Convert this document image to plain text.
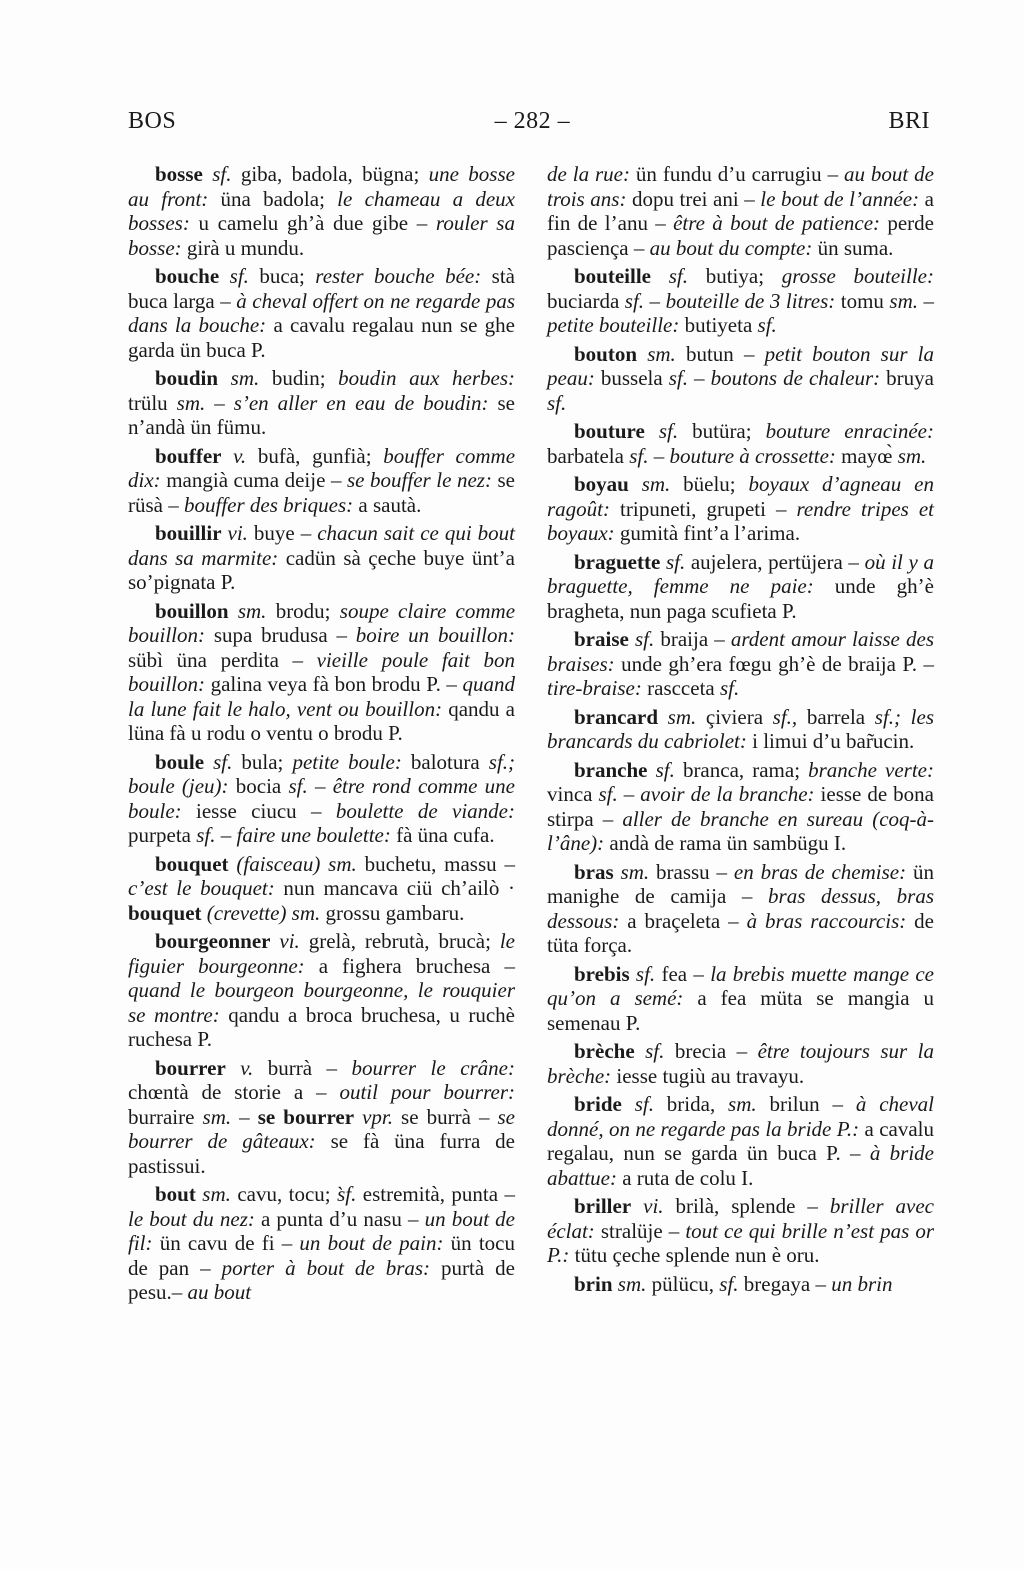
BOS	– 282 –	BRI

bosse sf. giba, badola, bügna; une bosse au front: üna badola; le chameau a deux bosses: u camelu gh’à due gibe – rouler sa bosse: girà u mundu.

bouche sf. buca; rester bouche bée: stà buca larga – à cheval offert on ne regarde pas dans la bouche: a cavalu regalau nun se ghe garda ün buca P.

boudin sm. budin; boudin aux herbes: trülu sm. – s’en aller en eau de boudin: se n’andà ün fümu.

bouffer v. bufà, gunfià; bouffer comme dix: mangià cuma deije – se bouffer le nez: se rüsà – bouffer des briques: a sautà.

bouillir vi. buye – chacun sait ce qui bout dans sa marmite: cadün sà çeche buye ünt’a so’pignata P.

bouillon sm. brodu; soupe claire comme bouillon: supa brudusa – boire un bouillon: sübì üna perdita – vieille poule fait bon bouillon: galina veya fà bon brodu P. – quand la lune fait le halo, vent ou bouillon: qandu a lüna fà u rodu o ventu o brodu P.

boule sf. bula; petite boule: balotura sf.; boule (jeu): bocia sf. – être rond comme une boule: iesse ciucu – boulette de viande: purpeta sf. – faire une boulette: fà üna cufa.

bouquet (faisceau) sm. buchetu, massu – c’est le bouquet: nun mancava ciü ch’ailò · bouquet (crevette) sm. grossu gambaru.

bourgeonner vi. grelà, rebrutà, brucà; le figuier bourgeonne: a fighera bruchesa – quand le bourgeon bourgeonne, le rouquier se montre: qandu a broca bruchesa, u ruchè ruchesa P.

bourrer v. burrà – bourrer le crâne: chœntà de storie a – outil pour bourrer: burraire sm. – se bourrer vpr. se burrà – se bourrer de gâteaux: se fà üna furra de pastissui.

bout sm. cavu, tocu; s̀f. estremità, punta – le bout du nez: a punta d’u nasu – un bout de fil: ün cavu de fi – un bout de pain: ün tocu de pan – porter à bout de bras: purtà de pesu.– au bout

de la rue: ün fundu d’u carrugiu – au bout de trois ans: dopu trei ani – le bout de l’année: a fin de l’anu – être à bout de patience: perde pasciença – au bout du compte: ün suma.

bouteille sf. butiya; grosse bouteille: buciarda sf. – bouteille de 3 litres: tomu sm. – petite bouteille: butiyeta sf.

bouton sm. butun – petit bouton sur la peau: bussela sf. – boutons de chaleur: bruya sf.

bouture sf. butüra; bouture enracinée: barbatela sf. – bouture à crossette: mayœ̀ sm.

boyau sm. büelu; boyaux d’agneau en ragoût: tripuneti, grupeti – rendre tripes et boyaux: gumità fint’a l’arima.

braguette sf. aujelera, pertüjera – où il y a braguette, femme ne paie: unde gh’è bragheta, nun paga scufieta P.

braise sf. braija – ardent amour laisse des braises: unde gh’era fœgu gh’è de braija P. – tire-braise: rascceta sf.

brancard sm. çiviera sf., barrela sf.; les brancards du cabriolet: i limui d’u bar̃ucin.

branche sf. branca, rama; branche verte: vinca sf. – avoir de la branche: iesse de bona stirpa – aller de branche en sureau (coq-à-l’âne): andà de rama ün sambügu I.

bras sm. brassu – en bras de chemise: ün manighe de camija – bras dessus, bras dessous: a braçeleta – à bras raccourcis: de tüta força.

brebis sf. fea – la brebis muette mange ce qu’on a semé: a fea müta se mangia u semenau P.

brèche sf. brecia – être toujours sur la brèche: iesse tugiù au travayu.

bride sf. brida, sm. brilun – à cheval donné, on ne regarde pas la bride P.: a cavalu regalau, nun se garda ün buca P. – à bride abattue: a ruta de colu I.

briller vi. brilà, splende – briller avec éclat: stralüje – tout ce qui brille n’est pas or P.: tütu çeche splende nun è oru.

brin sm. pülücu, sf. bregaya – un brin
